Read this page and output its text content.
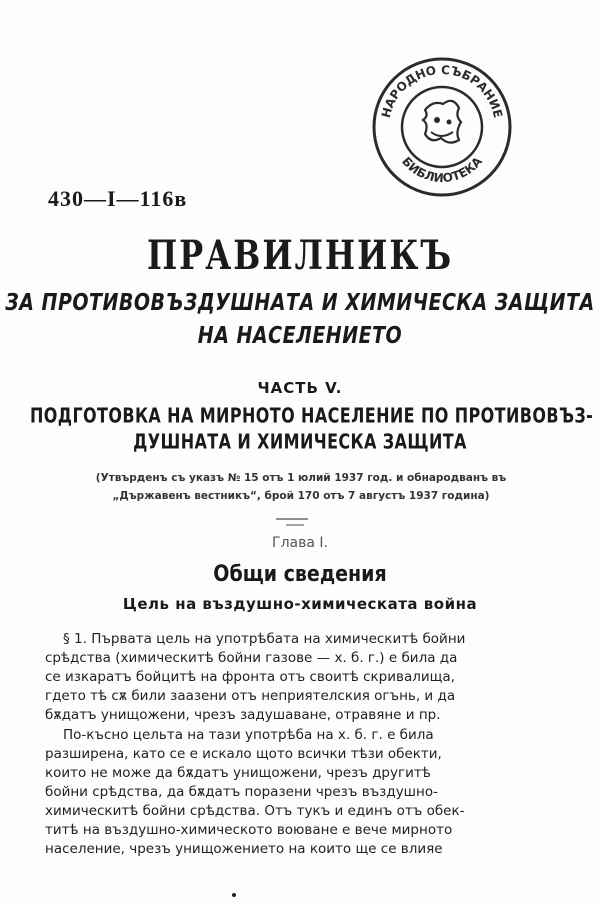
НАРОДНО СЪБРАНИЕ
БИБЛИОТЕКА
430—I—116в
ПРАВИЛНИКЪ
ЗА ПРОТИВОВЪЗДУШНАТА И ХИМИЧЕСКА ЗАЩИТА
НА НАСЕЛЕНИЕТО
ЧАСТЬ V.
ПОДГОТОВКА НА МИРНОТО НАСЕЛЕНИЕ ПО ПРОТИВОВЪЗ-
ДУШНАТА И ХИМИЧЕСКА ЗАЩИТА
(Утвърденъ съ указъ № 15 отъ 1 юлий 1937 год. и обнародванъ въ
„Държавенъ вестникъ“, брой 170 отъ 7 августъ 1937 година)
Глава I.
Общи сведения
Цель на въздушно-химическата война
§ 1. Първата цель на употрѣбата на химическитѣ бойни
срѣдства (химическитѣ бойни газове — х. б. г.) е била да
се изкаратъ бойцитѣ на фронта отъ своитѣ скривалища,
гдето тѣ сѫ били заазени отъ неприятелския огънь, и да
бѫдатъ унищожени, чрезъ задушаване, отравяне и пр.
По-късно цельта на тази употрѣба на х. б. г. е била
разширена, като се е искало щото всички тѣзи обекти,
които не може да бѫдатъ унищожени, чрезъ другитѣ
бойни срѣдства, да бѫдатъ поразени чрезъ въздушно-
химическитѣ бойни срѣдства. Отъ тукъ и единъ отъ обек-
титѣ на въздушно-химическото воюване е вече мирното
население, чрезъ унищожението на които ще се влияе
